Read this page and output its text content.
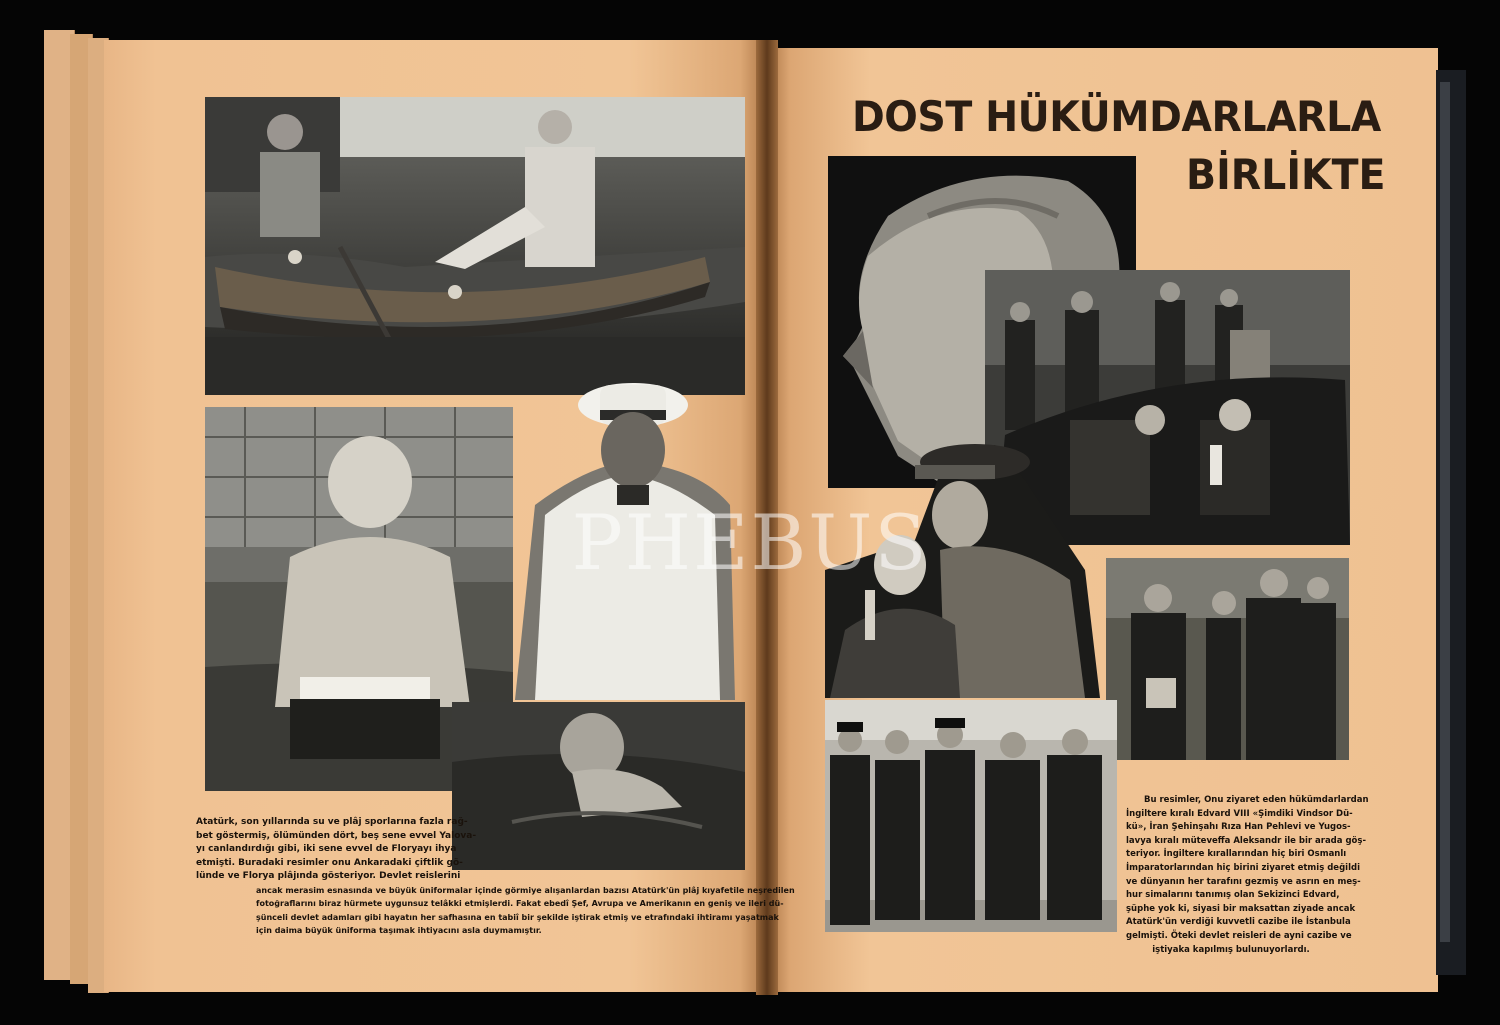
Atatürk, son yıllarında su ve plâj sporlarına fazla rağ-
bet göstermiş, ölümünden dört, beş sene evvel Yalova-
yı canlandırdığı gibi, iki sene evvel de Floryayı ihya
etmişti. Buradaki resimler onu Ankaradaki çiftlik gö-
lünde ve Florya plâjında gösteriyor. Devlet reislerini
ancak merasim esnasında ve büyük üniformalar içinde görmiye alışanlardan bazısı Atatürk'ün plâj kıyafetile neşredilen
fotoğraflarını biraz hürmete uygunsuz telâkki etmişlerdi. Fakat ebedî Şef, Avrupa ve Amerikanın en geniş ve ileri dü-
şünceli devlet adamları gibi hayatın her safhasına en tabiî bir şekilde iştirak etmiş ve etrafındaki ihtiramı yaşatmak
için daima büyük üniforma taşımak ihtiyacını asla duymamıştır.
DOST HÜKÜMDARLARLA
BİRLİKTE
Bu resimler, Onu ziyaret eden hükümdarlardan
İngiltere kıralı Edvard VIII «Şimdiki Vindsor Dü-
kü», İran Şehinşahı Rıza Han Pehlevi ve Yugos-
lavya kıralı müteveffa Aleksandr ile bir arada göş-
teriyor. İngiltere kırallarından hiç biri Osmanlı
İmparatorlarından hiç birini ziyaret etmiş değildi
ve dünyanın her tarafını gezmiş ve asrın en meş-
hur simalarını tanımış olan Sekizinci Edvard,
şüphe yok ki, siyasi bir maksattan ziyade ancak
Atatürk'ün verdiği kuvvetli cazibe ile İstanbula
gelmişti. Öteki devlet reisleri de ayni cazibe ve
iştiyaka kapılmış bulunuyorlardı.
PHEBUS
